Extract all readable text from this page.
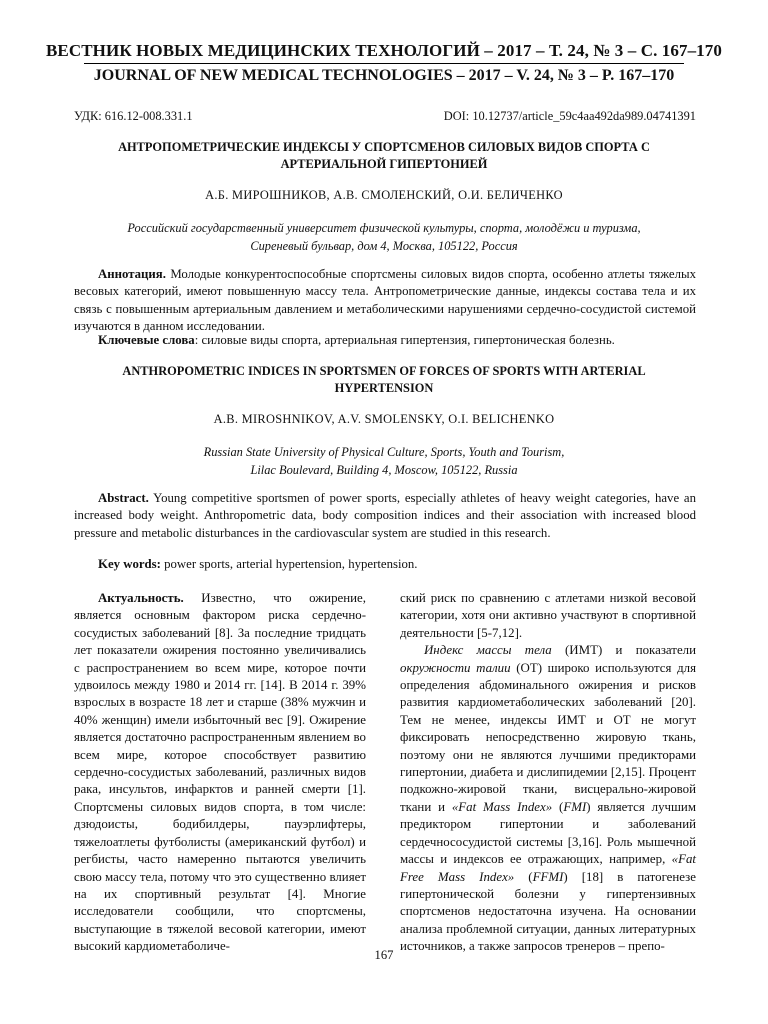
ВЕСТНИК НОВЫХ МЕДИЦИНСКИХ ТЕХНОЛОГИЙ – 2017 – Т. 24, № 3 – С. 167–170
JOURNAL OF NEW MEDICAL TECHNOLOGIES – 2017 – V. 24, № 3 – P. 167–170
УДК: 616.12-008.331.1	DOI: 10.12737/article_59c4aa492da989.04741391
АНТРОПОМЕТРИЧЕСКИЕ ИНДЕКСЫ У СПОРТСМЕНОВ СИЛОВЫХ ВИДОВ СПОРТА С
АРТЕРИАЛЬНОЙ ГИПЕРТОНИЕЙ
А.Б. МИРОШНИКОВ, А.В. СМОЛЕНСКИЙ, О.И. БЕЛИЧЕНКО
Российский государственный университет физической культуры, спорта, молодёжи и туризма,
Сиреневый бульвар, дом 4, Москва, 105122, Россия
Аннотация. Молодые конкурентоспособные спортсмены силовых видов спорта, особенно атлеты тяжелых весовых категорий, имеют повышенную массу тела. Антропометрические данные, индексы состава тела и их связь с повышенным артериальным давлением и метаболическими нарушениями сердечно-сосудистой системой изучаются в данном исследовании.
Ключевые слова: силовые виды спорта, артериальная гипертензия, гипертоническая болезнь.
ANTHROPOMETRIC INDICES IN SPORTSMEN OF FORCES OF SPORTS WITH ARTERIAL
HYPERTENSION
A.B. MIROSHNIKOV, A.V. SMOLENSKY, O.I. BELICHENKO
Russian State University of Physical Culture, Sports, Youth and Tourism,
Lilac Boulevard, Building 4, Moscow, 105122, Russia
Abstract. Young competitive sportsmen of power sports, especially athletes of heavy weight categories, have an increased body weight. Anthropometric data, body composition indices and their association with increased blood pressure and metabolic disturbances in the cardiovascular system are studied in this research.
Key words: power sports, arterial hypertension, hypertension.

Актуальность. Известно, что ожирение, является основным фактором риска сердечно-сосудистых заболеваний [8]. За последние тридцать лет показатели ожирения постоянно увеличивались с распространением во всем мире, которое почти удвоилось между 1980 и 2014 гг. [14]. В 2014 г. 39% взрослых в возрасте 18 лет и старше (38% мужчин и 40% женщин) имели избыточный вес [9]. Ожирение является достаточно распространенным явлением во всем мире, которое способствует развитию сердечно-сосудистых заболеваний, различных видов рака, инсультов, инфарктов и ранней смерти [1]. Спортсмены силовых видов спорта, в том числе: дзюдоисты, бодибилдеры, пауэрлифтеры, тяжелоатлеты футболисты (американский футбол) и регбисты, часто намеренно пытаются увеличить свою массу тела, потому что это существенно влияет на их спортивный результат [4]. Многие исследователи сообщили, что спортсмены, выступающие в тяжелой весовой категории, имеют высокий кардиометаболиче-

ский риск по сравнению с атлетами низкой весовой категории, хотя они активно участвуют в спортивной деятельности [5-7,12].

Индекс массы тела (ИМТ) и показатели окружности талии (ОТ) широко используются для определения абдоминального ожирения и рисков развития кардиометаболических заболеваний [20]. Тем не менее, индексы ИМТ и ОТ не могут фиксировать непосредственно жировую ткань, поэтому они не являются лучшими предикторами гипертонии, диабета и дислипидемии [2,15]. Процент подкожно-жировой ткани, висцерально-жировой ткани и «Fat Mass Index» (FMI) является лучшим предиктором гипертонии и заболеваний сердечнососудистой системы [3,16]. Роль мышечной массы и индексов ее отражающих, например, «Fat Free Mass Index» (FFMI) [18] в патогенезе гипертонической болезни у гипертензивных спортсменов недостаточна изучена. На основании анализа проблемной ситуации, данных литературных источников, а также запросов тренеров – препо-

167
